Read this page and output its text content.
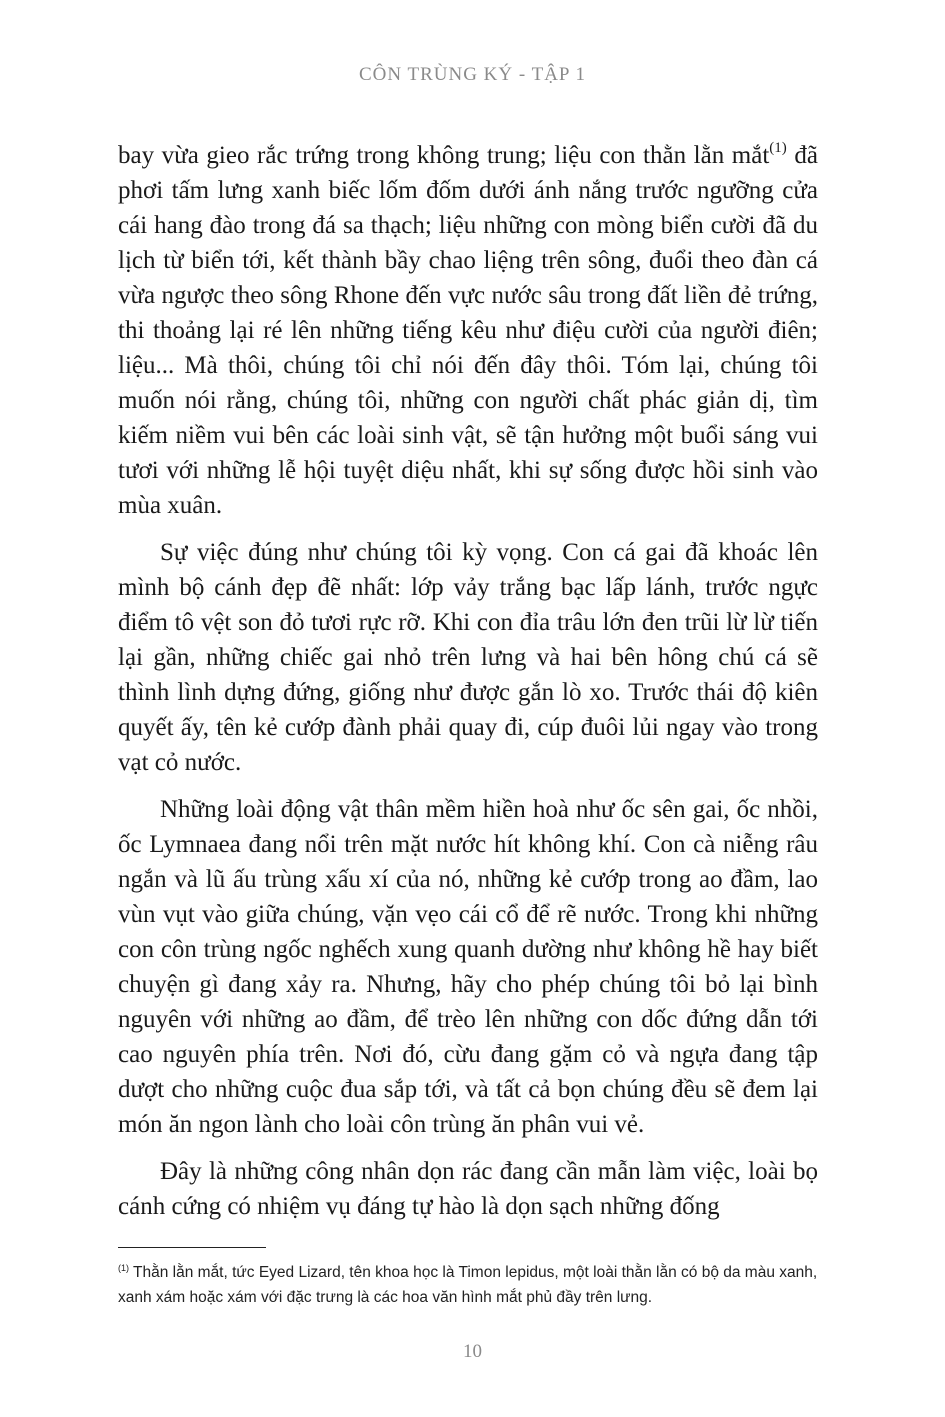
CÔN TRÙNG KÝ - TẬP 1

bay vừa gieo rắc trứng trong không trung; liệu con thằn lằn mắt$^{(1)}$ đã phơi tấm lưng xanh biếc lốm đốm dưới ánh nắng trước ngưỡng cửa cái hang đào trong đá sa thạch; liệu những con mòng biển cười đã du lịch từ biển tới, kết thành bầy chao liệng trên sông, đuổi theo đàn cá vừa ngược theo sông Rhone đến vực nước sâu trong đất liền đẻ trứng, thi thoảng lại ré lên những tiếng kêu như điệu cười của người điên; liệu... Mà thôi, chúng tôi chỉ nói đến đây thôi. Tóm lại, chúng tôi muốn nói rằng, chúng tôi, những con người chất phác giản dị, tìm kiếm niềm vui bên các loài sinh vật, sẽ tận hưởng một buổi sáng vui tươi với những lễ hội tuyệt diệu nhất, khi sự sống được hồi sinh vào mùa xuân.

Sự việc đúng như chúng tôi kỳ vọng. Con cá gai đã khoác lên mình bộ cánh đẹp đẽ nhất: lớp vảy trắng bạc lấp lánh, trước ngực điểm tô vệt son đỏ tươi rực rỡ. Khi con đỉa trâu lớn đen trũi lừ lừ tiến lại gần, những chiếc gai nhỏ trên lưng và hai bên hông chú cá sẽ thình lình dựng đứng, giống như được gắn lò xo. Trước thái độ kiên quyết ấy, tên kẻ cướp đành phải quay đi, cúp đuôi lủi ngay vào trong vạt cỏ nước.

Những loài động vật thân mềm hiền hoà như ốc sên gai, ốc nhồi, ốc Lymnaea đang nổi trên mặt nước hít không khí. Con cà niễng râu ngắn và lũ ấu trùng xấu xí của nó, những kẻ cướp trong ao đầm, lao vùn vụt vào giữa chúng, vặn vẹo cái cổ để rẽ nước. Trong khi những con côn trùng ngốc nghếch xung quanh dường như không hề hay biết chuyện gì đang xảy ra. Nhưng, hãy cho phép chúng tôi bỏ lại bình nguyên với những ao đầm, để trèo lên những con dốc đứng dẫn tới cao nguyên phía trên. Nơi đó, cừu đang gặm cỏ và ngựa đang tập dượt cho những cuộc đua sắp tới, và tất cả bọn chúng đều sẽ đem lại món ăn ngon lành cho loài côn trùng ăn phân vui vẻ.

Đây là những công nhân dọn rác đang cần mẫn làm việc, loài bọ cánh cứng có nhiệm vụ đáng tự hào là dọn sạch những đống

$^{(1)}$ Thằn lằn mắt, tức Eyed Lizard, tên khoa học là Timon lepidus, một loài thằn lằn có bộ da màu xanh, xanh xám hoặc xám với đặc trưng là các hoa văn hình mắt phủ đầy trên lưng.
10
